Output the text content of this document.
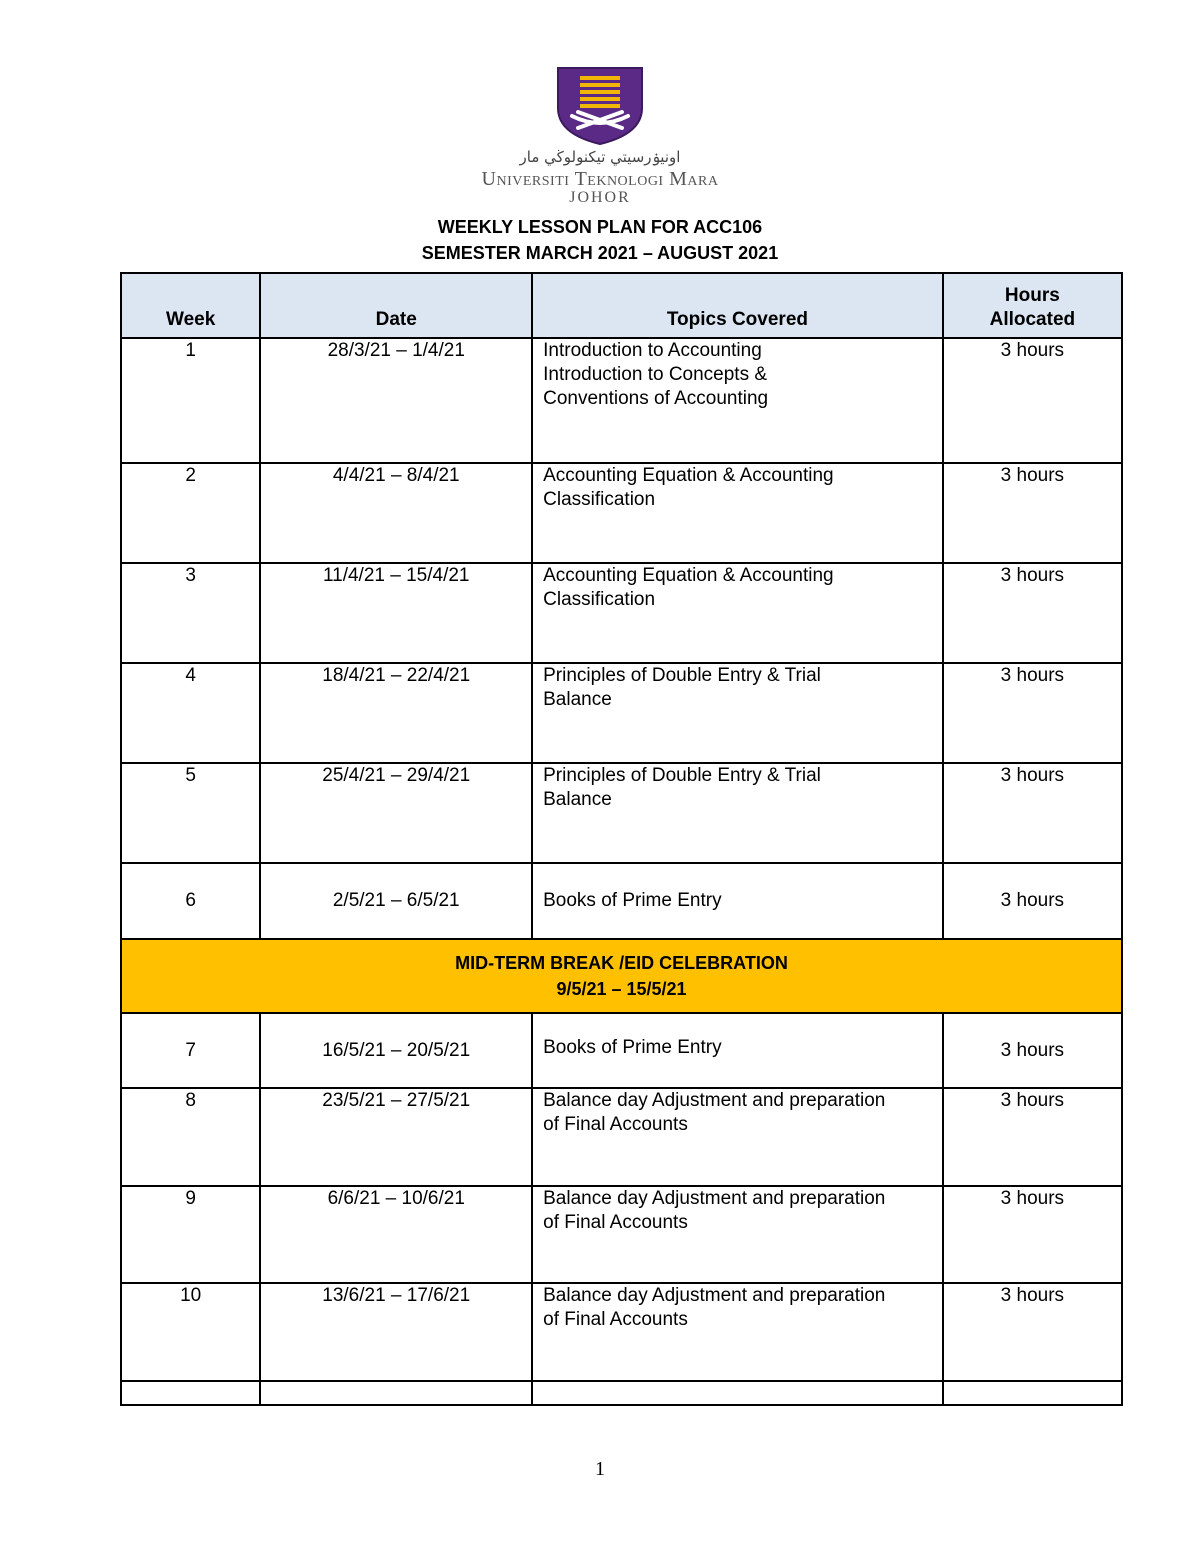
اونيۏرسيتي تيكنولوڬي مار
Universiti Teknologi Mara
JOHOR
WEEKLY LESSON PLAN FOR ACC106
SEMESTER MARCH 2021 – AUGUST 2021
Week	Date	Topics Covered	Hours
Allocated

1	28/3/21 – 1/4/21	Introduction to Accounting
Introduction to Concepts &
Conventions of Accounting	3 hours
2	4/4/21 – 8/4/21	Accounting Equation & Accounting
Classification	3 hours
3	11/4/21 – 15/4/21	Accounting Equation & Accounting
Classification	3 hours
4	18/4/21 – 22/4/21	Principles of Double Entry & Trial
Balance	3 hours
5	25/4/21 – 29/4/21	Principles of Double Entry & Trial
Balance	3 hours
6	2/5/21 – 6/5/21	Books of Prime Entry	3 hours

MID-TERM BREAK /EID CELEBRATION
9/5/21 – 15/5/21			

7	16/5/21 – 20/5/21	Books of Prime Entry	3 hours
8	23/5/21 – 27/5/21	Balance day Adjustment and preparation
of Final Accounts	3 hours
9	6/6/21 – 10/6/21	Balance day Adjustment and preparation
of Final Accounts	3 hours
10	13/6/21 – 17/6/21	Balance day Adjustment and preparation
of Final Accounts	3 hours

1
